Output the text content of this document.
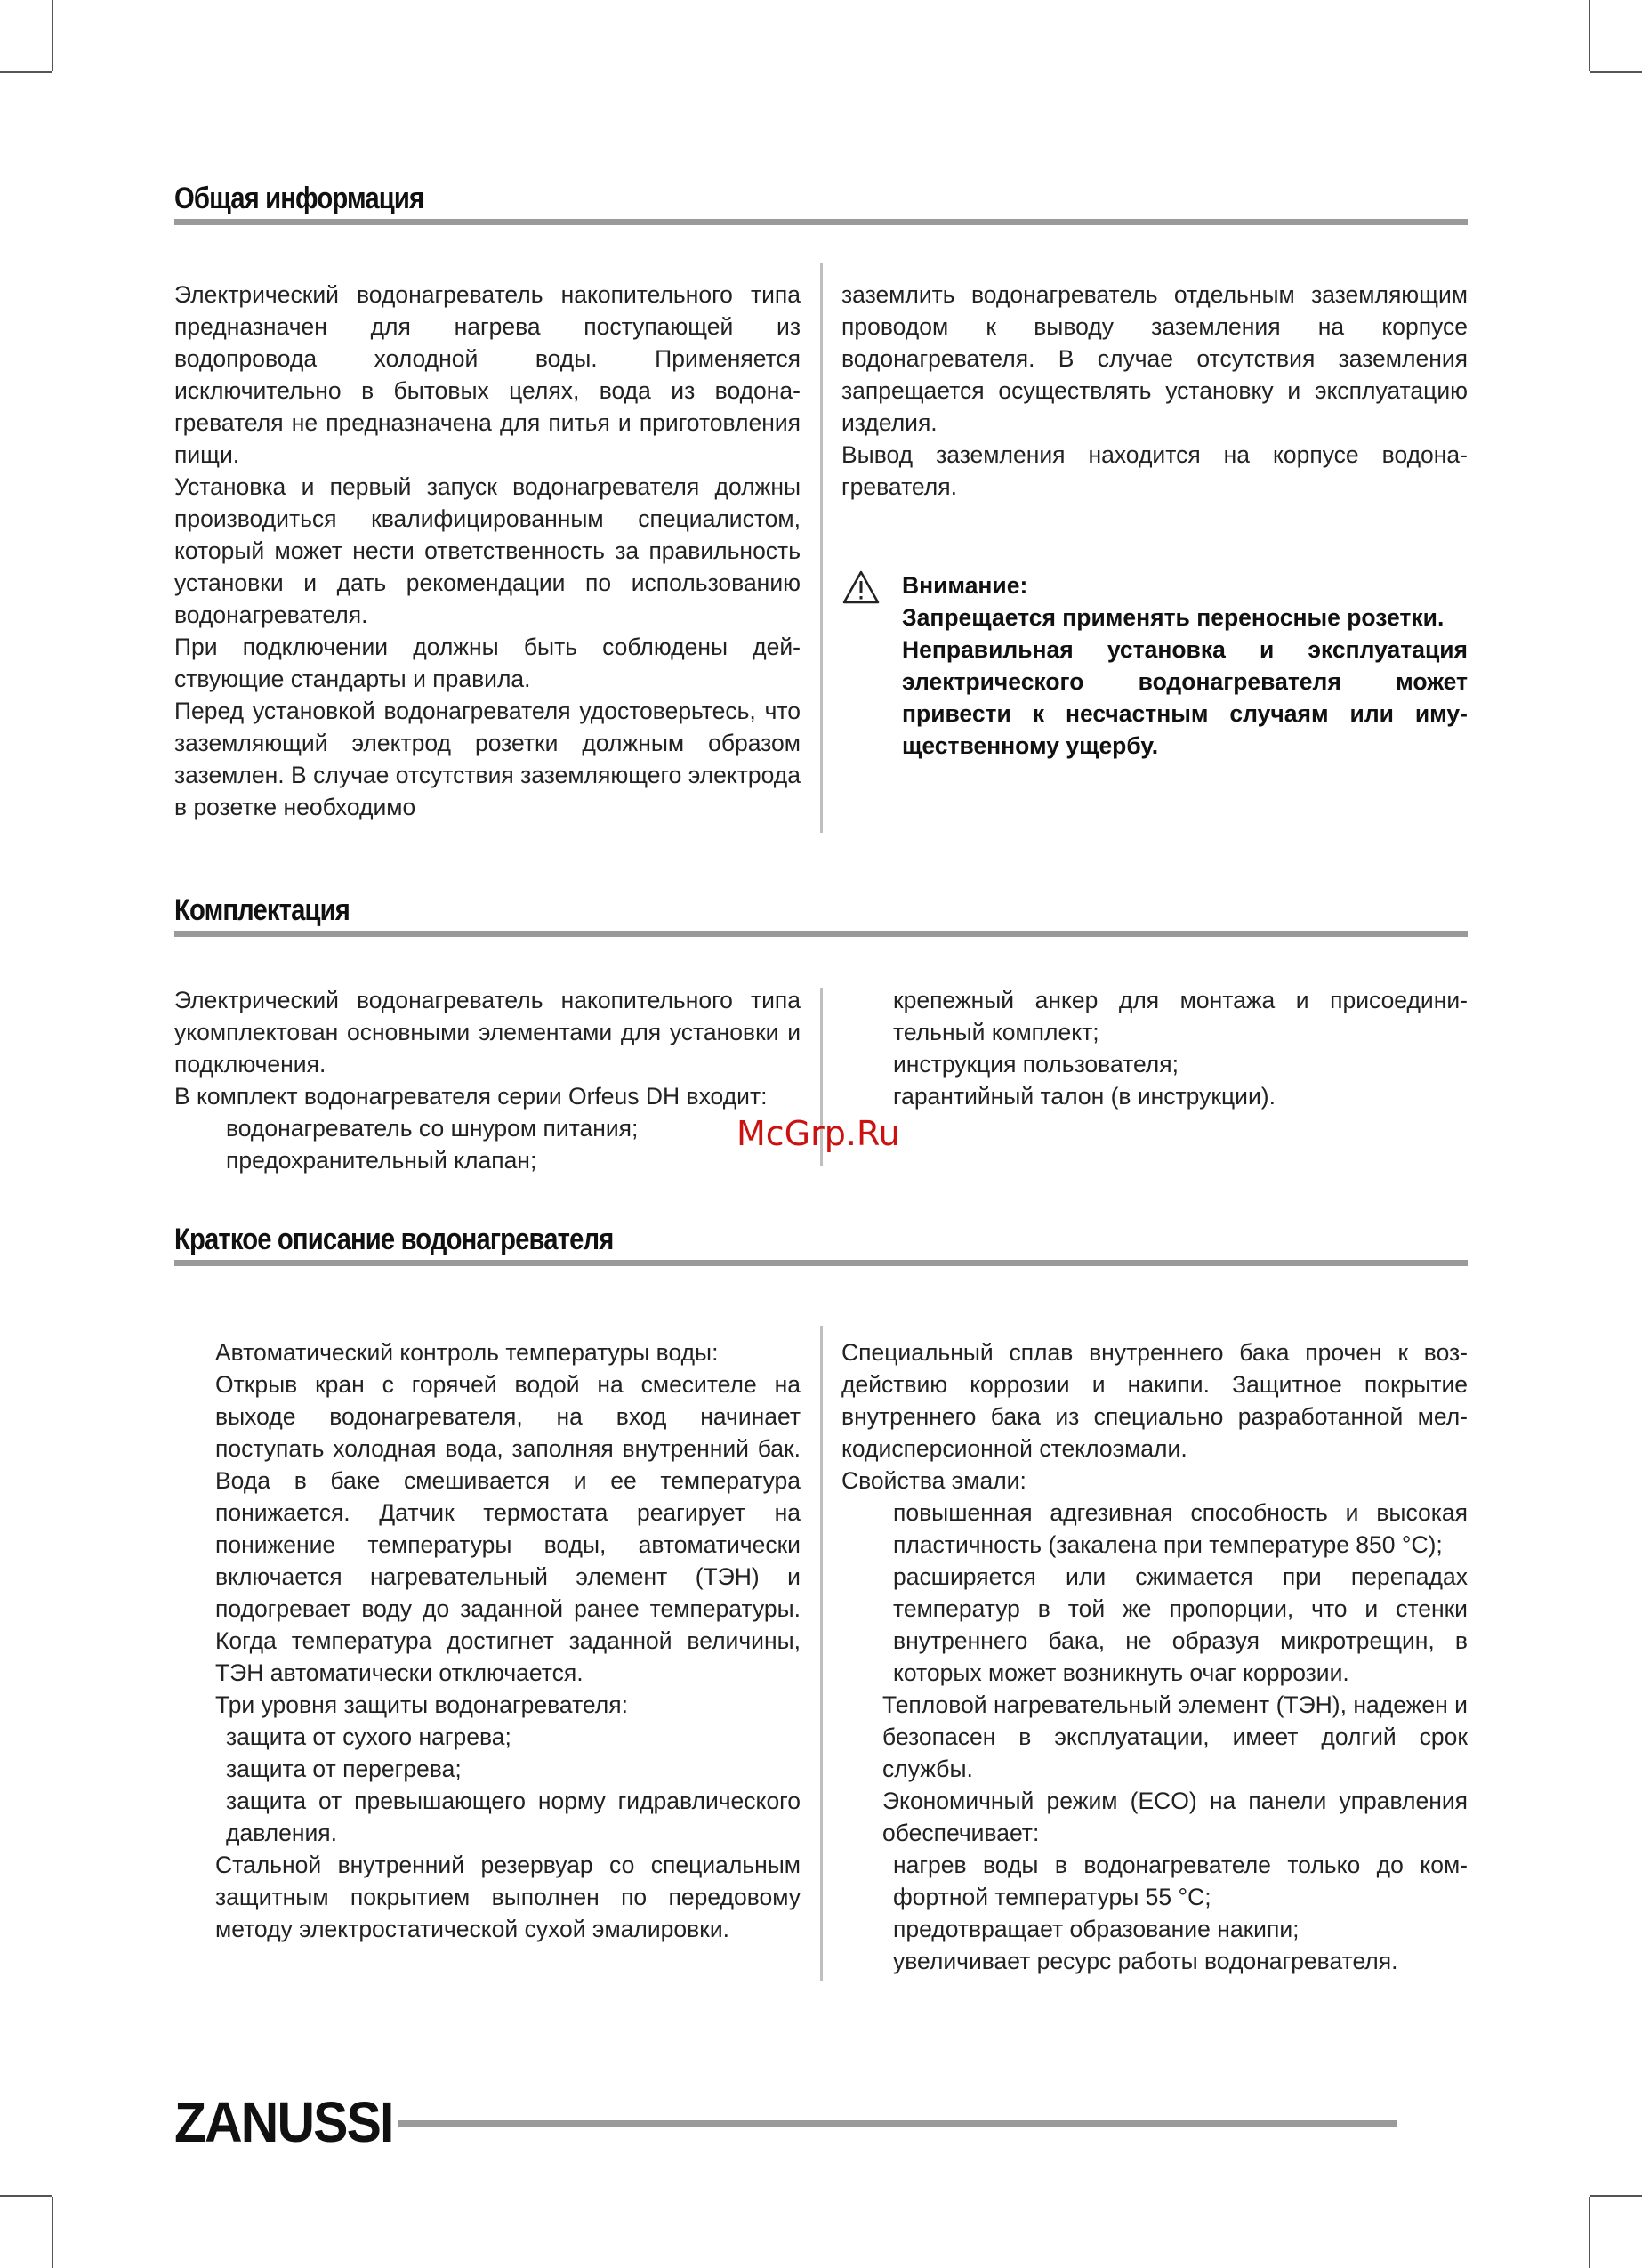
Общая информация

Электрический водонагреватель накопительного типа предназначен для нагрева поступающей из водопровода холодной воды. Применяется исключительно в бытовых целях, вода из водонагревателя не предназначена для питья и приготовления пищи.

Установка и первый запуск водонагревателя должны производиться квалифицированным специалистом, который может нести ответственность за правильность установки и дать рекомендации по использованию водонагревателя.

При подключении должны быть соблюдены действующие стандарты и правила.

Перед установкой водонагревателя удостоверьтесь, что заземляющий электрод розетки должным образом заземлен. В случае отсутствия заземляющего электрода в розетке необходимо

заземлить водонагреватель отдельным заземляющим проводом к выводу заземления на корпусе водонагревателя. В случае отсутствия заземления запрещается осуществлять установку и эксплуатацию изделия.

Вывод заземления находится на корпусе водонагревателя.

Внимание:
Запрещается применять переносные розетки.
Неправильная установка и эксплуатация электрического водонагревателя может привести к несчастным случаям или имущественному ущербу.
Комплектация

Электрический водонагреватель накопительного типа укомплектован основными элементами для установки и подключения.

В комплект водонагревателя серии Orfeus DH входит:

водонагреватель со шнуром питания;

предохранительный клапан;

крепежный анкер для монтажа и присоединительный комплект;

инструкция пользователя;

гарантийный талон (в инструкции).

McGrp.Ru
Краткое описание водонагревателя

Автоматический контроль температуры воды:

Открыв кран с горячей водой на смесителе на выходе водонагревателя, на вход начинает поступать холодная вода, заполняя внутренний бак. Вода в баке смешивается и ее температура понижается. Датчик термостата реагирует на понижение температуры воды, автоматически включается нагревательный элемент (ТЭН) и подогревает воду до заданной ранее температуры. Когда температура достигнет заданной величины, ТЭН автоматически отключается.

Три уровня защиты водонагревателя:

защита от сухого нагрева;

защита от перегрева;

защита от превышающего норму гидравлического давления.

Стальной внутренний резервуар со специальным защитным покрытием выполнен по передовому методу электростатической сухой эмалировки.

Специальный сплав внутреннего бака прочен к воздействию коррозии и накипи. Защитное покрытие внутреннего бака из специально разработанной мелкодисперсионной стеклоэмали.

Свойства эмали:

повышенная адгезивная способность и высокая пластичность (закалена при температуре 850 °С);

расширяется или сжимается при перепадах температур в той же пропорции, что и стенки внутреннего бака, не образуя микротрещин, в которых может возникнуть очаг коррозии.

Тепловой нагревательный элемент (ТЭН), надежен и безопасен в эксплуатации, имеет долгий срок службы.

Экономичный режим (ECO) на панели управления обеспечивает:

нагрев воды в водонагревателе только до комфортной температуры 55 °С;

предотвращает образование накипи;

увеличивает ресурс работы водонагревателя.

ZANUSSI
